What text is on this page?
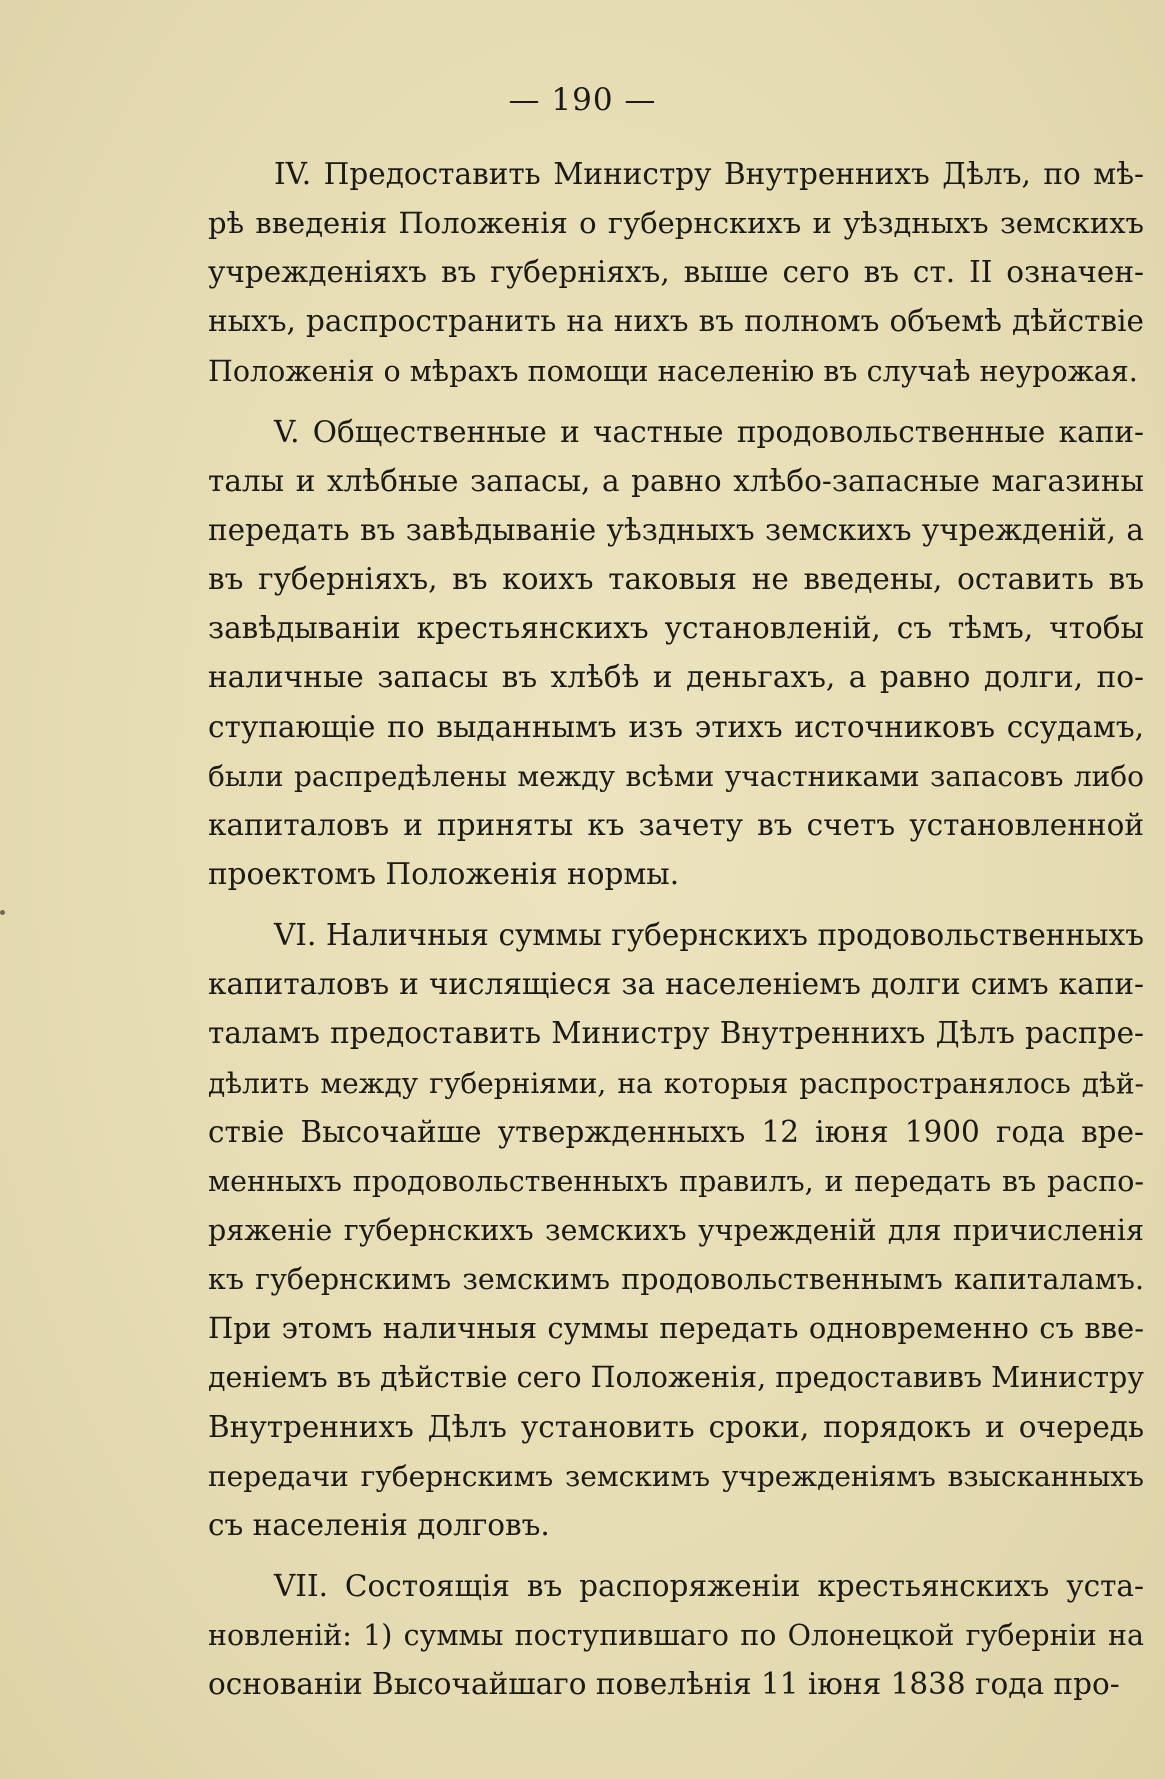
— 190 —
IV. Предоставить Министру Внутреннихъ Дѣлъ, по мѣ-
рѣ введенія Положенія о губернскихъ и уѣздныхъ земскихъ
учрежденіяхъ въ губерніяхъ, выше сего въ ст. II означен-
ныхъ, распространить на нихъ въ полномъ объемѣ дѣйствіе
Положенія о мѣрахъ помощи населенію въ случаѣ неурожая.
V. Общественные и частные продовольственные капи-
талы и хлѣбные запасы, а равно хлѣбо-запасные магазины
передать въ завѣдываніе уѣздныхъ земскихъ учрежденій, а
въ губерніяхъ, въ коихъ таковыя не введены, оставить въ
завѣдываніи крестьянскихъ установленій, съ тѣмъ, чтобы
наличные запасы въ хлѣбѣ и деньгахъ, а равно долги, по-
ступающіе по выданнымъ изъ этихъ источниковъ ссудамъ,
были распредѣлены между всѣми участниками запасовъ либо
капиталовъ и приняты къ зачету въ счетъ установленной
проектомъ Положенія нормы.
VI. Наличныя суммы губернскихъ продовольственныхъ
капиталовъ и числящіеся за населеніемъ долги симъ капи-
таламъ предоставить Министру Внутреннихъ Дѣлъ распре-
дѣлить между губерніями, на которыя распространялось дѣй-
ствіе Высочайше утвержденныхъ 12 іюня 1900 года вре-
менныхъ продовольственныхъ правилъ, и передать въ распо-
ряженіе губернскихъ земскихъ учрежденій для причисленія
къ губернскимъ земскимъ продовольственнымъ капиталамъ.
При этомъ наличныя суммы передать одновременно съ вве-
деніемъ въ дѣйствіе сего Положенія, предоставивъ Министру
Внутреннихъ Дѣлъ установить сроки, порядокъ и очередь
передачи губернскимъ земскимъ учрежденіямъ взысканныхъ
съ населенія долговъ.
VII. Состоящія въ распоряженіи крестьянскихъ уста-
новленій: 1) суммы поступившаго по Олонецкой губерніи на
основаніи Высочайшаго повелѣнія 11 іюня 1838 года про-
